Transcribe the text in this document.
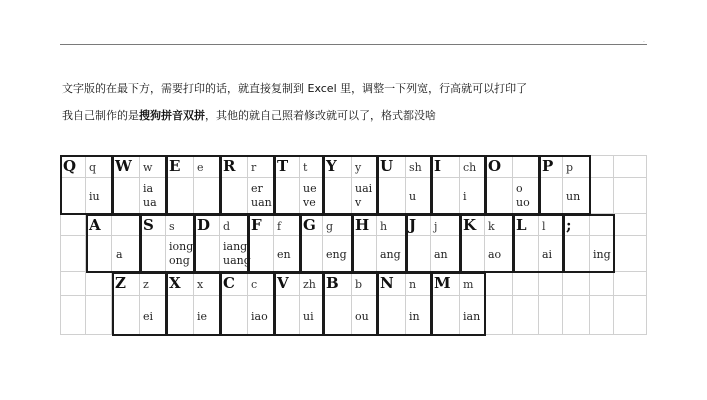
.
文字版的在最下方，需要打印的话，就直接复制到 Excel 里，调整一下列宽，行高就可以打印了
我自己制作的是搜狗拼音双拼，其他的就自己照着修改就可以了，格式都没啥
Q q
iu
W w
ia
ua
E e R r
er
uan
T t
ue
ve
Y y
uai
v
U sh
u
I ch
i
O
o
uo
P p
un
A
a
S s
iong
ong
D d
iang
uang
F f
en
G g
eng
H h
ang
J j
an
K k
ao
L l
ai
;
ing
Z z
ei
X x
ie
C c
iao
V zh
ui
B b
ou
N n
in
M m
ian
